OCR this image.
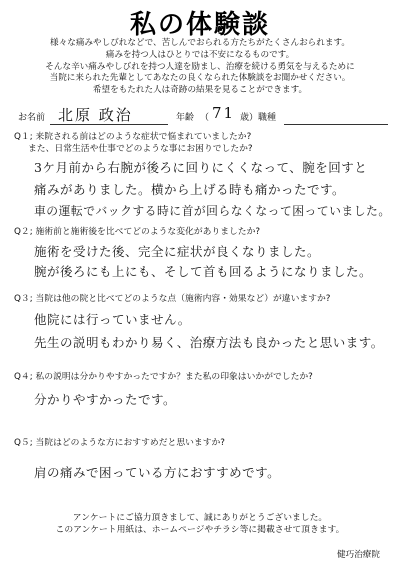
私の体験談
様々な痛みやしびれなどで、苦しんでおられる方たちがたくさんおられます。
痛みを持つ人はひとりでは不安になるものです。
そんな辛い痛みやしびれを持つ人達を励まし、治療を続ける勇気を与えるために
当院に来られた先輩としてあなたの良くなられた体験談をお聞かせください。
希望をもたれた人は奇跡の結果を見ることができます。
お名前 北原 政治	年齢 （ 71 歳） 職種
Q１; 来院される前はどのような症状で悩まれていましたか?
また、日常生活や仕事でどのような事にお困りでしたか?
3ケ月前から右腕が後ろに回りにくくなって、腕を回すと
痛みがありました。横から上げる時も痛かったです。
車の運転でバックする時に首が回らなくなって困っていました。
Q２; 施術前と施術後を比べてどのような変化がありましたか?
施術を受けた後、完全に症状が良くなりました。
腕が後ろにも上にも、そして首も回るようになりました。
Q３; 当院は他の院と比べてどのような点（施術内容・効果など）が違いますか?
他院には行っていません。
先生の説明もわかり易く、治療方法も良かったと思います。
Q４; 私の説明は分かりやすかったですか？また私の印象はいかがでしたか?
分かりやすかったです。
Q５; 当院はどのような方におすすめだと思いますか?
肩の痛みで困っている方におすすめです。
アンケートにご協力頂きまして、誠にありがとうございました。
このアンケート用紙は、ホームページやチラシ等に掲載させて頂きます。
健巧治療院
